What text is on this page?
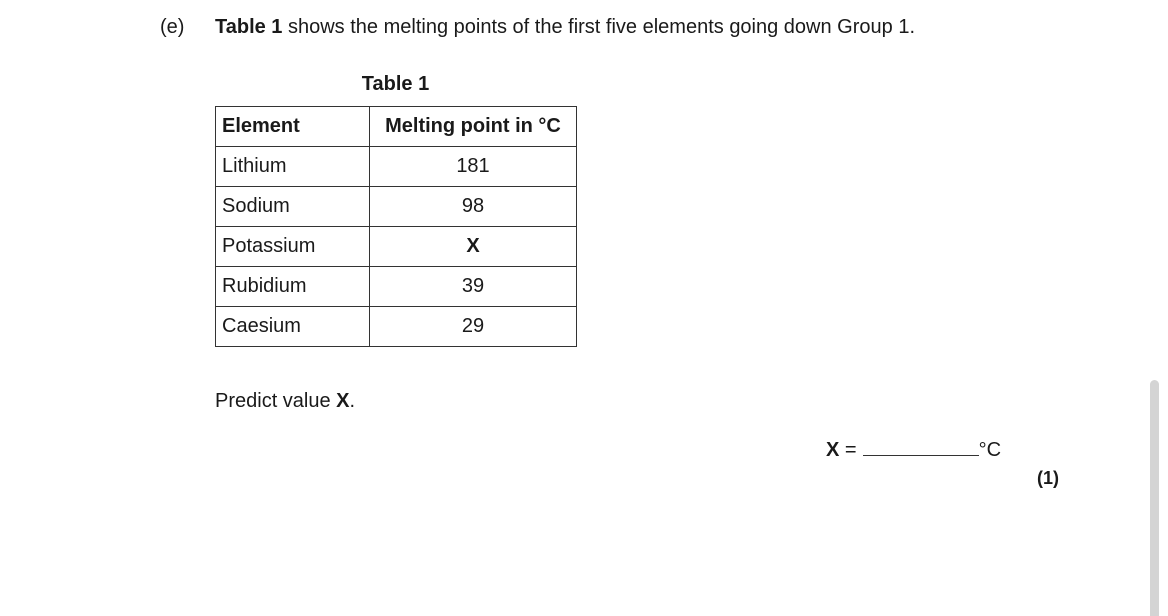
(e) Table 1 shows the melting points of the first five elements going down Group 1.
Table 1
Element	Melting point in °C
Lithium	181
Sodium	98
Potassium	X
Rubidium	39
Caesium	29
Predict value X.
X =	°C
(1)
